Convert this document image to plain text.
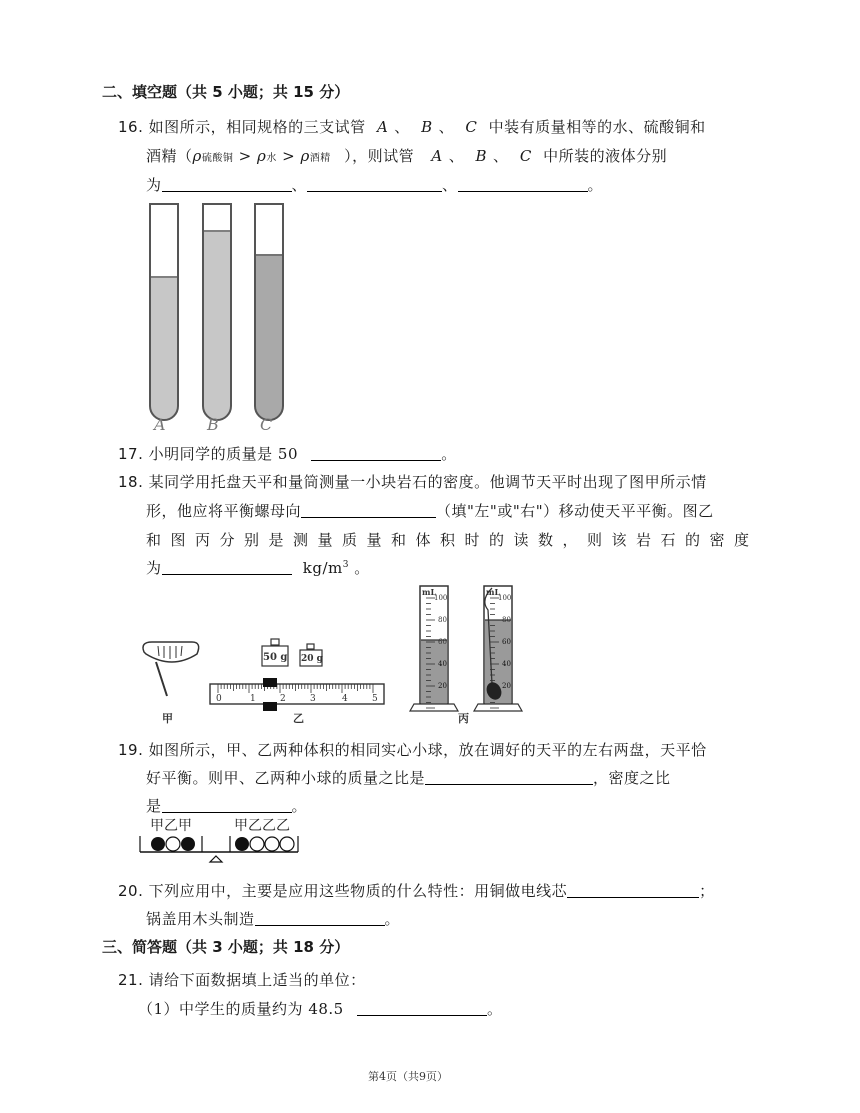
二、填空题（共 5 小题；共 15 分）
16. 如图所示，相同规格的三支试管 A 、 B 、 C 中装有质量相等的水、硫酸铜和
酒精（ρ硫酸铜 > ρ水 > ρ酒精 ），则试管 A 、 B 、 C 中所装的液体分别
为	、	、	。
A	B	C
17. 小明同学的质量是 50	。
18. 某同学用托盘天平和量筒测量一小块岩石的密度。他调节天平时出现了图甲所示情
形，他应将平衡螺母向	（填"左"或"右"）移动使天平平衡。图乙
和图丙分别是测量质量和体积时的读数，则该岩石的密度
为	$kg/m^3$ 。
甲
50 g 20 g
0	1	2	3	4	5
乙
mL
100
80
60
40
20
mL
100
80
60
40
20
丙
19. 如图所示，甲、乙两种体积的相同实心小球，放在调好的天平的左右两盘，天平恰
好平衡。则甲、乙两种小球的质量之比是	，密度之比
是	。
甲乙甲	甲乙乙乙
20. 下列应用中，主要是应用这些物质的什么特性：用铜做电线芯	；
锅盖用木头制造	。
三、简答题（共 3 小题；共 18 分）
21. 请给下面数据填上适当的单位：
（1）中学生的质量约为 48.5	。
第4页（共9页）
